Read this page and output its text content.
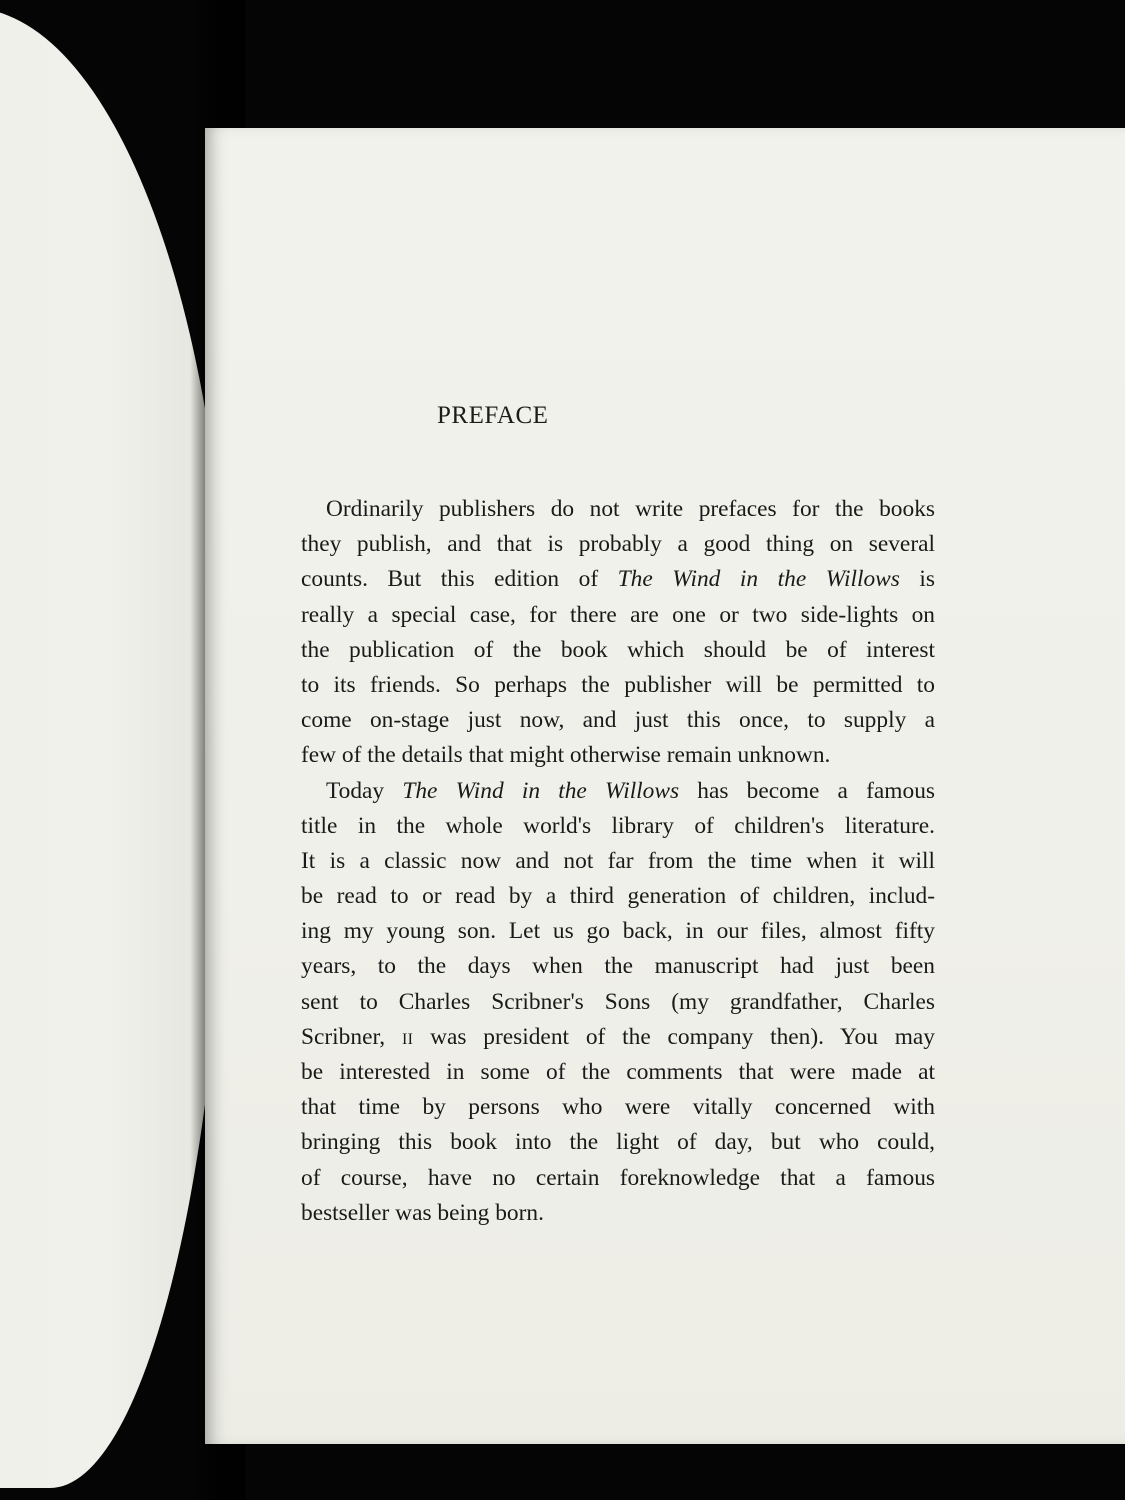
PREFACE
Ordinarily publishers do not write prefaces for the books
they publish, and that is probably a good thing on several
counts. But this edition of The Wind in the Willows is
really a special case, for there are one or two side-lights on
the publication of the book which should be of interest
to its friends. So perhaps the publisher will be permitted to
come on-stage just now, and just this once, to supply a
few of the details that might otherwise remain unknown.
Today The Wind in the Willows has become a famous
title in the whole world's library of children's literature.
It is a classic now and not far from the time when it will
be read to or read by a third generation of children, includ-
ing my young son. Let us go back, in our files, almost fifty
years, to the days when the manuscript had just been
sent to Charles Scribner's Sons (my grandfather, Charles
Scribner, II was president of the company then). You may
be interested in some of the comments that were made at
that time by persons who were vitally concerned with
bringing this book into the light of day, but who could,
of course, have no certain foreknowledge that a famous
bestseller was being born.
